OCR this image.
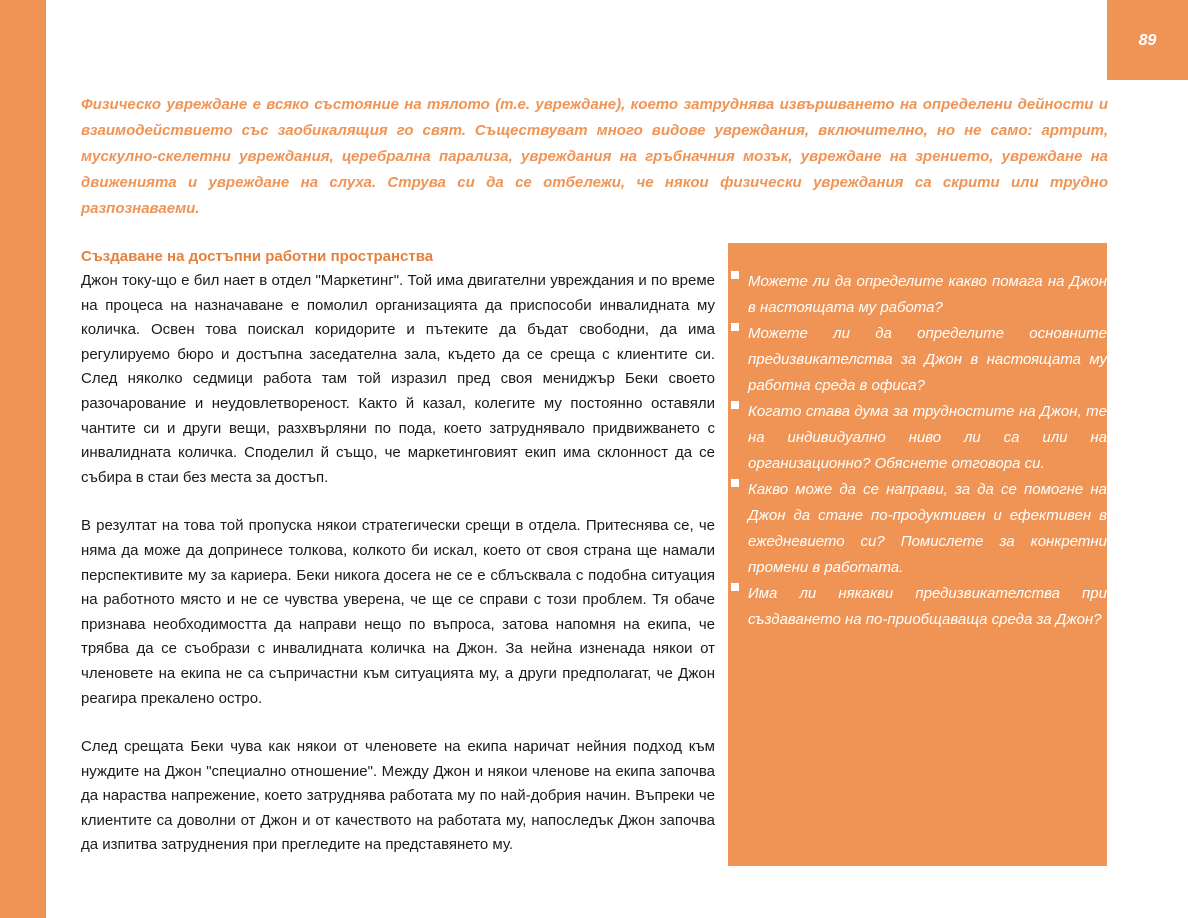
89

Физическо увреждане е всяко състояние на тялото (т.е. увреждане), което затруднява извършването на определени дейности и взаимодействието със заобикалящия го свят. Съществуват много видове увреждания, включително, но не само: артрит, мускулно-скелетни увреждания, церебрална парализа, увреждания на гръбначния мозък, увреждане на зрението, увреждане на движенията и увреждане на слуха. Струва си да се отбележи, че някои физически увреждания са скрити или трудно разпознаваеми.

Създаване на достъпни работни пространства

Джон току-що е бил нает в отдел "Маркетинг". Той има двигателни увреждания и по време на процеса на назначаване е помолил организацията да приспособи инвалидната му количка. Освен това поискал коридорите и пътеките да бъдат свободни, да има регулируемо бюро и достъпна заседателна зала, където да се среща с клиентите си. След няколко седмици работа там той изразил пред своя мениджър Беки своето разочарование и неудовлетвореност. Както й казал, колегите му постоянно оставяли чантите си и други вещи, разхвърляни по пода, което затруднявало придвижването с инвалидната количка. Споделил й също, че маркетинговият екип има склонност да се събира в стаи без места за достъп.

В резултат на това той пропуска някои стратегически срещи в отдела. Притеснява се, че няма да може да допринесе толкова, колкото би искал, което от своя страна ще намали перспективите му за кариера. Беки никога досега не се е сблъсквала с подобна ситуация на работното място и не се чувства уверена, че ще се справи с този проблем. Тя обаче признава необходимостта да направи нещо по въпроса, затова напомня на екипа, че трябва да се съобрази с инвалидната количка на Джон. За нейна изненада някои от членовете на екипа не са съпричастни към ситуацията му, а други предполагат, че Джон реагира прекалено остро.

След срещата Беки чува как някои от членовете на екипа наричат нейния подход към нуждите на Джон "специално отношение". Между Джон и някои членове на екипа започва да нараства напрежение, което затруднява работата му по най-добрия начин. Въпреки че клиентите са доволни от Джон и от качеството на работата му, напоследък Джон започва да изпитва затруднения при прегледите на представянето му.

Можете ли да определите какво помага на Джон в настоящата му работа?
Можете ли да определите основните предизвикателства за Джон в настоящата му работна среда в офиса?
Когато става дума за трудностите на Джон, те на индивидуално ниво ли са или на организационно? Обяснете отговора си.
Какво може да се направи, за да се помогне на Джон да стане по-продуктивен и ефективен в ежедневието си? Помислете за конкретни промени в работата.
Има ли някакви предизвикателства при създаването на по-приобщаваща среда за Джон?
